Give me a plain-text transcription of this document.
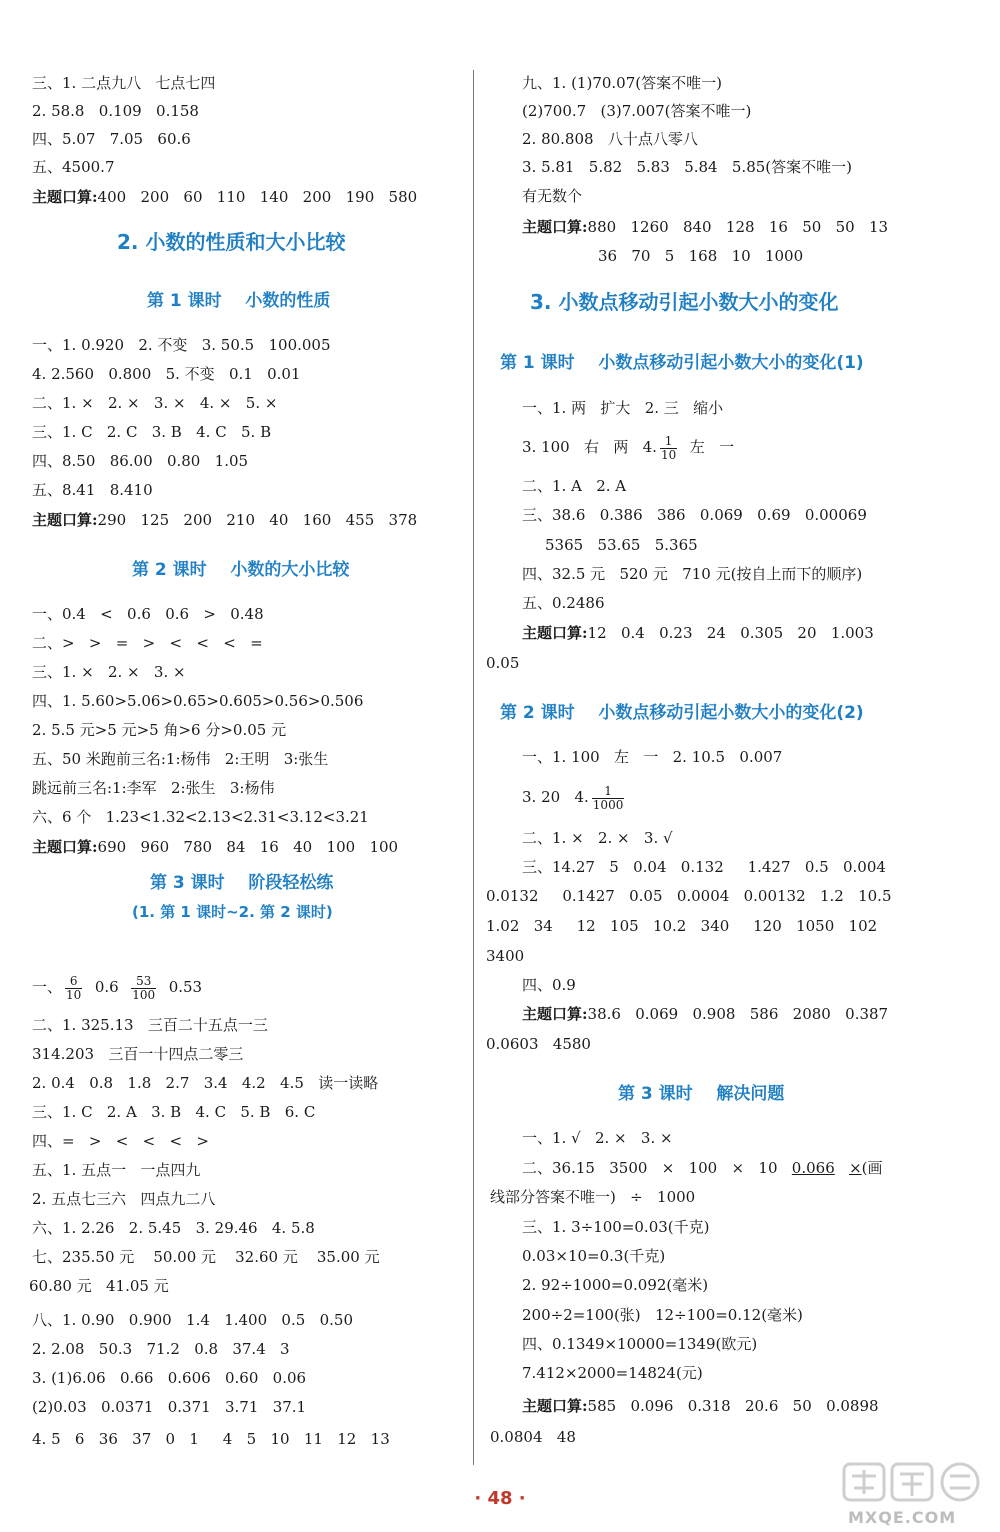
三、1. 二点九八   七点七四
2. 58.8   0.109   0.158
四、5.07   7.05   60.6
五、4500.7
主题口算:400   200   60   110   140   200   190   580
2. 小数的性质和大小比较
第 1 课时    小数的性质
一、1. 0.920   2. 不变   3. 50.5   100.005
4. 2.560   0.800   5. 不变   0.1   0.01
二、1. ×   2. ×   3. ×   4. ×   5. ×
三、1. C   2. C   3. B   4. C   5. B
四、8.50   86.00   0.80   1.05
五、8.41   8.410
主题口算:290   125   200   210   40   160   455   378
第 2 课时    小数的大小比较
一、0.4   <   0.6   0.6   >   0.48
二、>   >   =   >   <   <   <   =
三、1. ×   2. ×   3. ×
四、1. 5.60>5.06>0.65>0.605>0.56>0.506
2. 5.5 元>5 元>5 角>6 分>0.05 元
五、50 米跑前三名:1:杨伟   2:王明   3:张生
跳远前三名:1:李军   2:张生   3:杨伟
六、6 个   1.23<1.32<2.13<2.31<3.12<3.21
主题口算:690   960   780   84   16   40   100   100
第 3 课时    阶段轻松练
(1. 第 1 课时~2. 第 2 课时)
一、 $\frac{6}{10} 0.6 \frac{53}{100} 0.53$
二、1. 325.13   三百二十五点一三
314.203   三百一十四点二零三
2. 0.4   0.8   1.8   2.7   3.4   4.2   4.5   读一读略
三、1. C   2. A   3. B   4. C   5. B   6. C
四、=   >   <   <   <   >
五、1. 五点一   一点四九
2. 五点七三六   四点九二八
六、1. 2.26   2. 5.45   3. 29.46   4. 5.8
七、235.50 元    50.00 元    32.60 元    35.00 元
60.80 元   41.05 元
八、1. 0.90   0.900   1.4   1.400   0.5   0.50
2. 2.08   50.3   71.2   0.8   37.4   3
3. (1)6.06   0.66   0.606   0.60   0.06
(2)0.03   0.0371   0.371   3.71   37.1
4. 5   6   36   37   0   1     4   5   10   11   12   13
九、1. (1)70.07(答案不唯一)
(2)700.7   (3)7.007(答案不唯一)
2. 80.808   八十点八零八
3. 5.81   5.82   5.83   5.84   5.85(答案不唯一)
有无数个
主题口算:880   1260   840   128   16   50   50   13
36   70   5   168   10   1000
3. 小数点移动引起小数大小的变化
第 1 课时    小数点移动引起小数大小的变化(1)
一、1. 两   扩大   2. 三   缩小
3. 100   右   两   4. $\frac{1}{10}$ 左   一
二、1. A   2. A
三、38.6   0.386   386   0.069   0.69   0.00069
5365   53.65   5.365
四、32.5 元   520 元   710 元(按自上而下的顺序)
五、0.2486
主题口算:12   0.4   0.23   24   0.305   20   1.003
0.05
第 2 课时    小数点移动引起小数大小的变化(2)
一、1. 100   左   一   2. 10.5   0.007
3. 20   4. $\frac{1}{1000}$
二、1. ×   2. ×   3. √
三、14.27   5   0.04   0.132     1.427   0.5   0.004
0.0132     0.1427   0.05   0.0004   0.00132   1.2   10.5
1.02   34     12   105   10.2   340     120   1050   102
3400
四、0.9
主题口算:38.6   0.069   0.908   586   2080   0.387
0.0603   4580
第 3 课时    解决问题
一、1. √   2. ×   3. ×
二、36.15   3500   ×   100   ×   10   0.066 ×(画
线部分答案不唯一)   ÷   1000
三、1. 3÷100=0.03(千克)
0.03×10=0.3(千克)
2. 92÷1000=0.092(毫米)
200÷2=100(张)   12÷100=0.12(毫米)
四、0.1349×10000=1349(欧元)
7.412×2000=14824(元)
主题口算:585   0.096   0.318   20.6   50   0.0898
0.0804   48
· 48 ·
MXQE.COM
